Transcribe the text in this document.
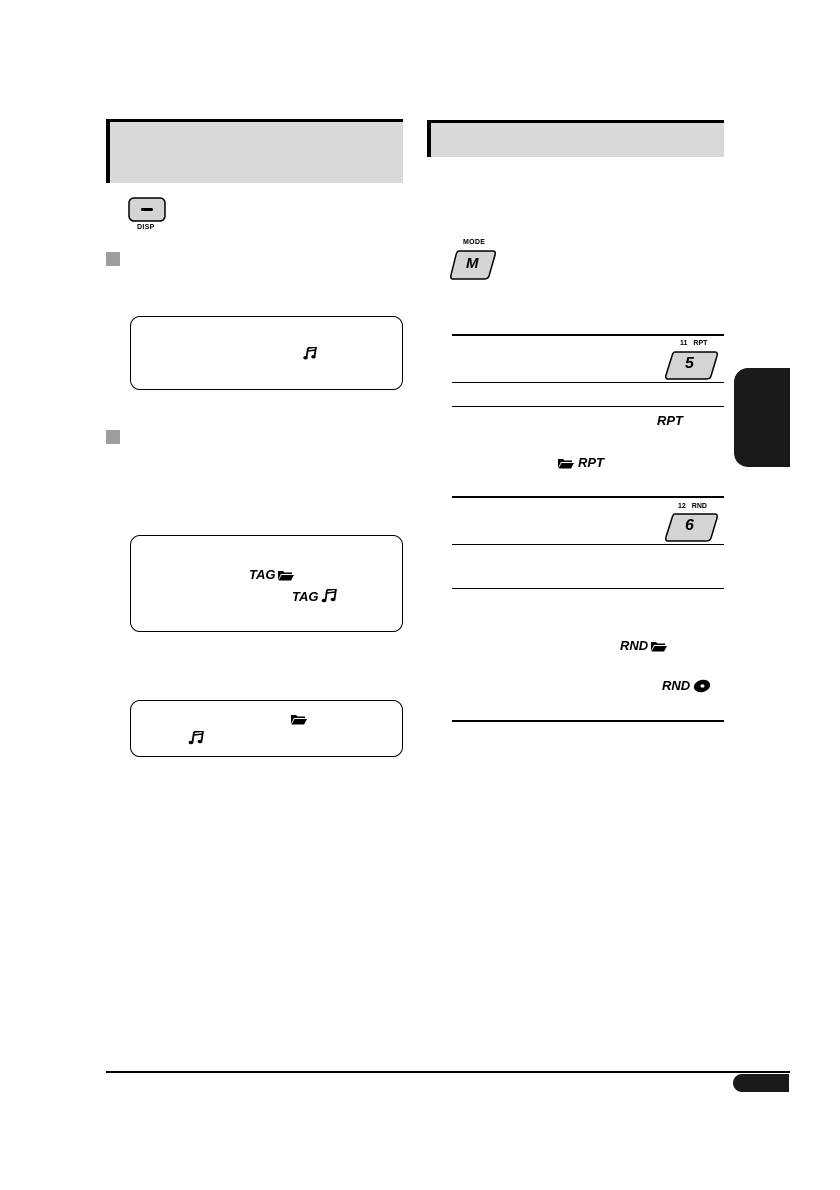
DISP
TAG
TAG
MODE
M
11 RPT
5
RPT
RPT
12 RND
6
RND
RND
